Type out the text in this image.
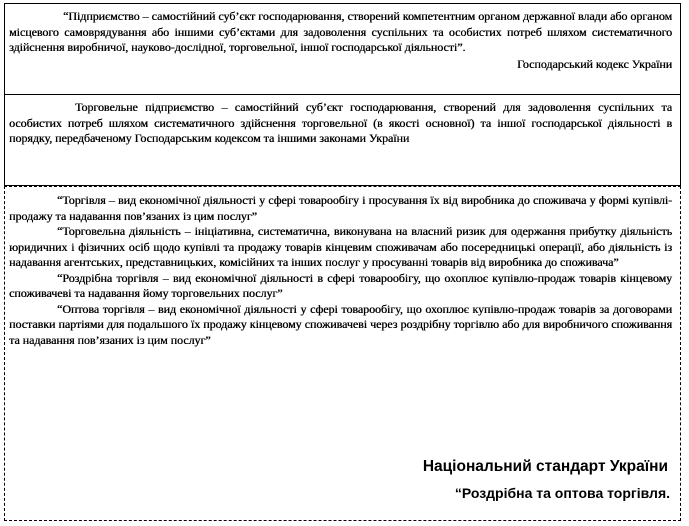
“Підприємство – самостійний суб’єкт господарювання, створений компетентним органом державної влади або органом місцевого самоврядування або іншими суб’єктами для задоволення суспільних та особистих потреб шляхом систематичного здійснення виробничої, науково-дослідної, торговельної, іншої господарської діяльності”.

Господарський кодекс України

Торговельне підприємство – самостійний суб’єкт господарювання, створений для задоволення суспільних та особистих потреб шляхом систематичного здійснення торговельної (в якості основної) та іншої господарської діяльності в порядку, передбаченому Господарським кодексом та іншими законами України

“Торгівля – вид економічної діяльності у сфері товарообігу і просування їх від виробника до споживача у формі купівлі-продажу та надавання пов’язаних із цим послуг”

“Торговельна діяльність – ініціативна, систематична, виконувана на власний ризик для одержання прибутку діяльність юридичних і фізичних осіб щодо купівлі та продажу товарів кінцевим споживачам або посередницькі операції, або діяльність із надавання агентських, представницьких, комісійних та інших послуг у просуванні товарів від виробника до споживача”

“Роздрібна торгівля – вид економічної діяльності в сфері товарообігу, що охоплює купівлю-продаж товарів кінцевому споживачеві та надавання йому торговельних послуг”

“Оптова торгівля – вид економічної діяльності у сфері товарообігу, що охоплює купівлю-продаж товарів за договорами поставки партіями для подальшого їх продажу кінцевому споживачеві через роздрібну торгівлю або для виробничого споживання та надавання пов’язаних із цим послуг”

Національний стандарт України
“Роздрібна та оптова торгівля.
